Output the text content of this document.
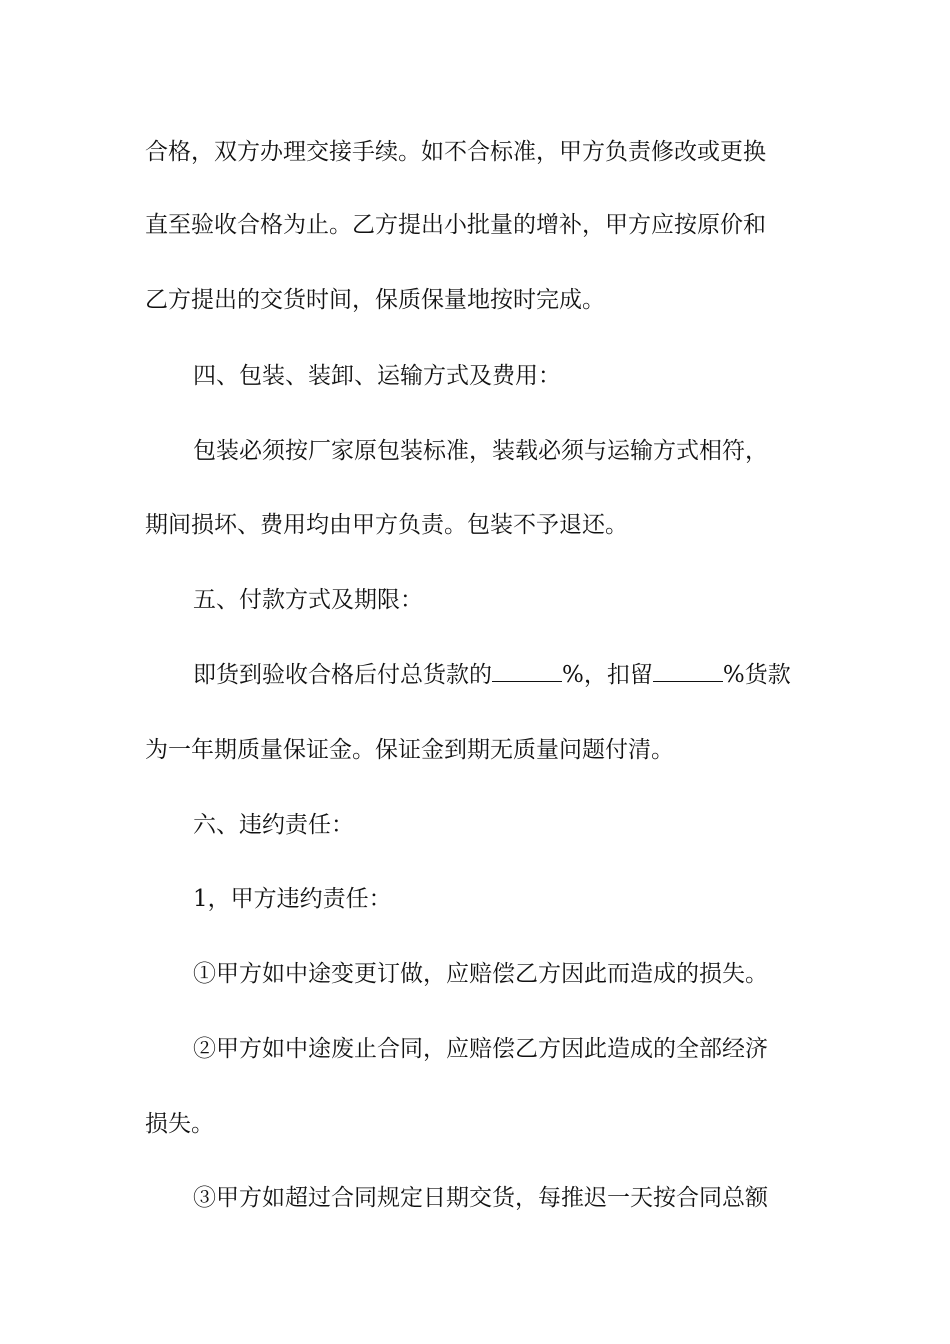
合格，双方办理交接手续。如不合标准，甲方负责修改或更换
直至验收合格为止。乙方提出小批量的增补，甲方应按原价和
乙方提出的交货时间，保质保量地按时完成。
四、包装、装卸、运输方式及费用：
包装必须按厂家原包装标准，装载必须与运输方式相符，
期间损坏、费用均由甲方负责。包装不予退还。
五、付款方式及期限：
即货到验收合格后付总货款的	%，扣留	%货款
为一年期质量保证金。保证金到期无质量问题付清。
六、违约责任：
1，甲方违约责任：
①甲方如中途变更订做，应赔偿乙方因此而造成的损失。
②甲方如中途废止合同，应赔偿乙方因此造成的全部经济
损失。
③甲方如超过合同规定日期交货，每推迟一天按合同总额
